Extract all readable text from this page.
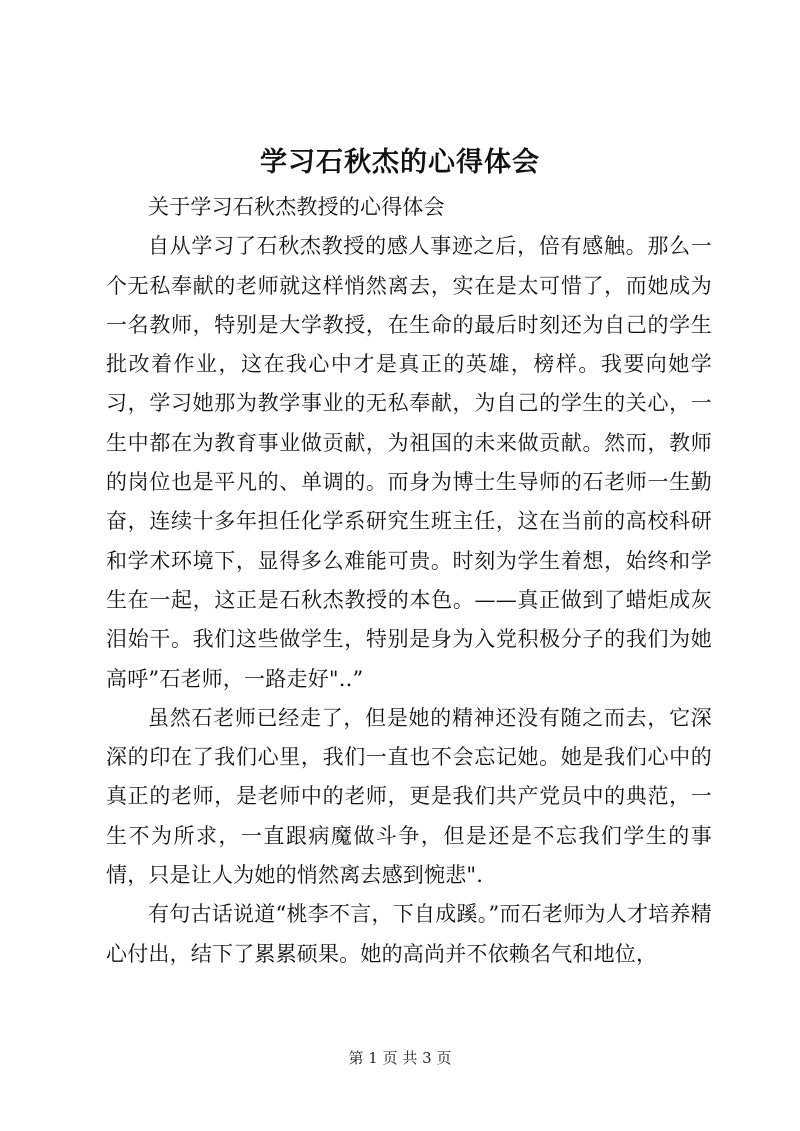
学习石秋杰的心得体会

关于学习石秋杰教授的心得体会

自从学习了石秋杰教授的感人事迹之后，倍有感触。那么一个无私奉献的老师就这样悄然离去，实在是太可惜了，而她成为一名教师，特别是大学教授，在生命的最后时刻还为自己的学生批改着作业，这在我心中才是真正的英雄，榜样。我要向她学习，学习她那为教学事业的无私奉献，为自己的学生的关心，一生中都在为教育事业做贡献，为祖国的未来做贡献。然而，教师的岗位也是平凡的、单调的。而身为博士生导师的石老师一生勤奋，连续十多年担任化学系研究生班主任，这在当前的高校科研和学术环境下，显得多么难能可贵。时刻为学生着想，始终和学生在一起，这正是石秋杰教授的本色。——真正做到了蜡炬成灰泪始干。我们这些做学生，特别是身为入党积极分子的我们为她高呼”石老师，一路走好"..”

虽然石老师已经走了，但是她的精神还没有随之而去，它深深的印在了我们心里，我们一直也不会忘记她。她是我们心中的真正的老师，是老师中的老师，更是我们共产党员中的典范，一生不为所求，一直跟病魔做斗争，但是还是不忘我们学生的事情，只是让人为她的悄然离去感到惋悲".

有句古话说道“桃李不言，下自成蹊。”而石老师为人才培养精心付出，结下了累累硕果。她的高尚并不依赖名气和地位，

第 1 页 共 3 页
